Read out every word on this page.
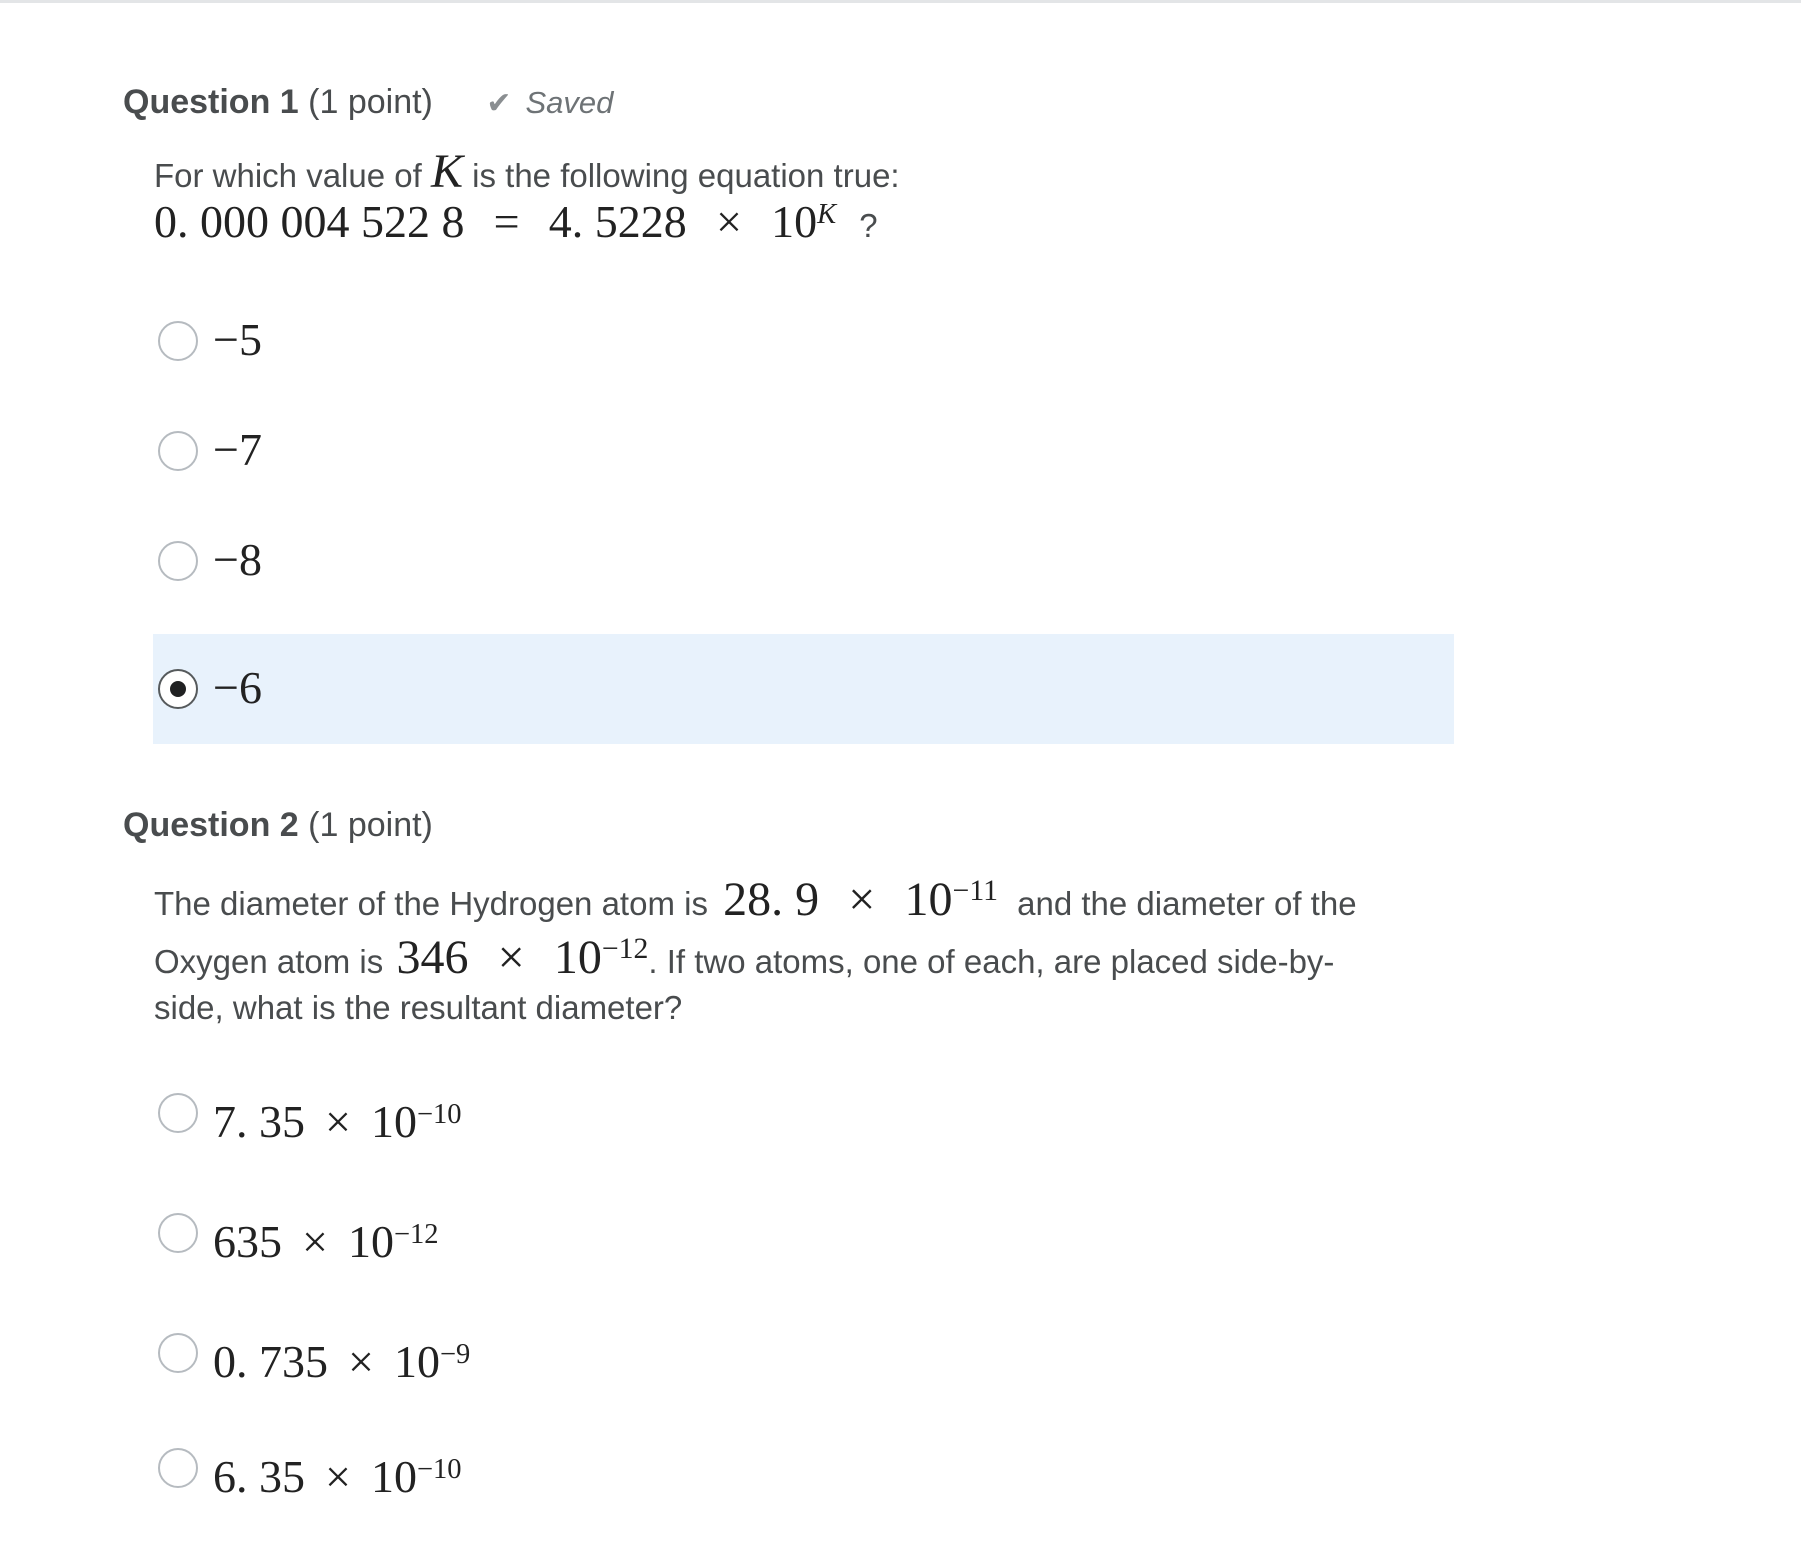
Question 1 (1 point) ✔ Saved
For which value of K is the following equation true:
0. 000 004 522 8 = 4. $5228 \times 10^K$ ?
−5
−7
−8
−6
Question 2 (1 point)
The diameter of the Hydrogen atom is 28. $9 \times 10^{-11}$ and the diameter of the
Oxygen atom is $346 \times 10^{-12}$. If two atoms, one of each, are placed side-by-
side, what is the resultant diameter?
7. $35 \times 10^{-10}$
$635 \times 10^{-12}$
0. $735 \times 10^{-9}$
6. $35 \times 10^{-10}$
